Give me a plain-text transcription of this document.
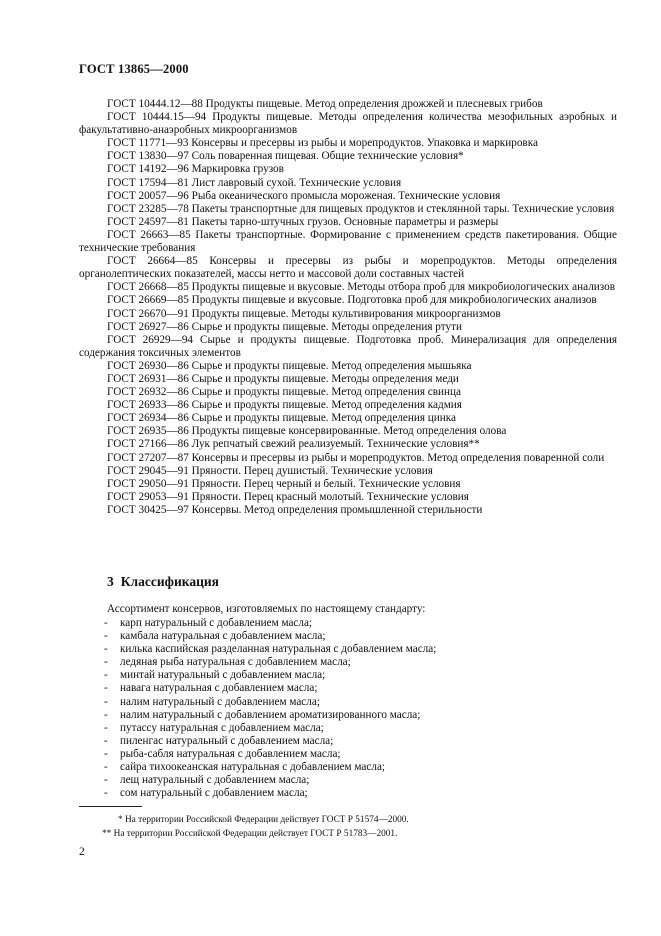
ГОСТ 13865—2000

ГОСТ 10444.12—88 Продукты пищевые. Метод определения дрожжей и плесневых грибов

ГОСТ 10444.15—94 Продукты пищевые. Методы определения количества мезофильных аэробных и факультативно-анаэробных микроорганизмов

ГОСТ 11771—93 Консервы и пресервы из рыбы и морепродуктов. Упаковка и маркировка

ГОСТ 13830—97 Соль поваренная пищевая. Общие технические условия*

ГОСТ 14192—96 Маркировка грузов

ГОСТ 17594—81 Лист лавровый сухой. Технические условия

ГОСТ 20057—96 Рыба океанического промысла мороженая. Технические условия

ГОСТ 23285—78 Пакеты транспортные для пищевых продуктов и стеклянной тары. Технические условия

ГОСТ 24597—81 Пакеты тарно-штучных грузов. Основные параметры и размеры

ГОСТ 26663—85 Пакеты транспортные. Формирование с применением средств пакетирования. Общие технические требования

ГОСТ 26664—85 Консервы и пресервы из рыбы и морепродуктов. Методы определения органолептических показателей, массы нетто и массовой доли составных частей

ГОСТ 26668—85 Продукты пищевые и вкусовые. Методы отбора проб для микробиологических анализов

ГОСТ 26669—85 Продукты пищевые и вкусовые. Подготовка проб для микробиологических анализов

ГОСТ 26670—91 Продукты пищевые. Методы культивирования микроорганизмов

ГОСТ 26927—86 Сырье и продукты пищевые. Методы определения ртути

ГОСТ 26929—94 Сырье и продукты пищевые. Подготовка проб. Минерализация для определения содержания токсичных элементов

ГОСТ 26930—86 Сырье и продукты пищевые. Метод определения мышьяка

ГОСТ 26931—86 Сырье и продукты пищевые. Методы определения меди

ГОСТ 26932—86 Сырье и продукты пищевые. Метод определения свинца

ГОСТ 26933—86 Сырье и продукты пищевые. Метод определения кадмия

ГОСТ 26934—86 Сырье и продукты пищевые. Метод определения цинка

ГОСТ 26935—86 Продукты пищевые консервированные. Метод определения олова

ГОСТ 27166—86 Лук репчатый свежий реализуемый. Технические условия**

ГОСТ 27207—87 Консервы и пресервы из рыбы и морепродуктов. Метод определения поваренной соли

ГОСТ 29045—91 Пряности. Перец душистый. Технические условия

ГОСТ 29050—91 Пряности. Перец черный и белый. Технические условия

ГОСТ 29053—91 Пряности. Перец красный молотый. Технические условия

ГОСТ 30425—97 Консервы. Метод определения промышленной стерильности

3 Классификация
Ассортимент консервов, изготовляемых по настоящему стандарту:
- карп натуральный с добавлением масла;
- камбала натуральная с добавлением масла;
- килька каспийская разделанная натуральная с добавлением масла;
- ледяная рыба натуральная с добавлением масла;
- минтай натуральный с добавлением масла;
- навага натуральная с добавлением масла;
- налим натуральный с добавлением масла;
- налим натуральный с добавлением ароматизированного масла;
- путассу натуральная с добавлением масла;
- пиленгас натуральный с добавлением масла;
- рыба-сабля натуральная с добавлением масла;
- сайра тихоокеанская натуральная с добавлением масла;
- лещ натуральный с добавлением масла;
- сом натуральный с добавлением масла;
* На территории Российской Федерации действует ГОСТ Р 51574—2000.
** На территории Российской Федерации действует ГОСТ Р 51783—2001.
2
